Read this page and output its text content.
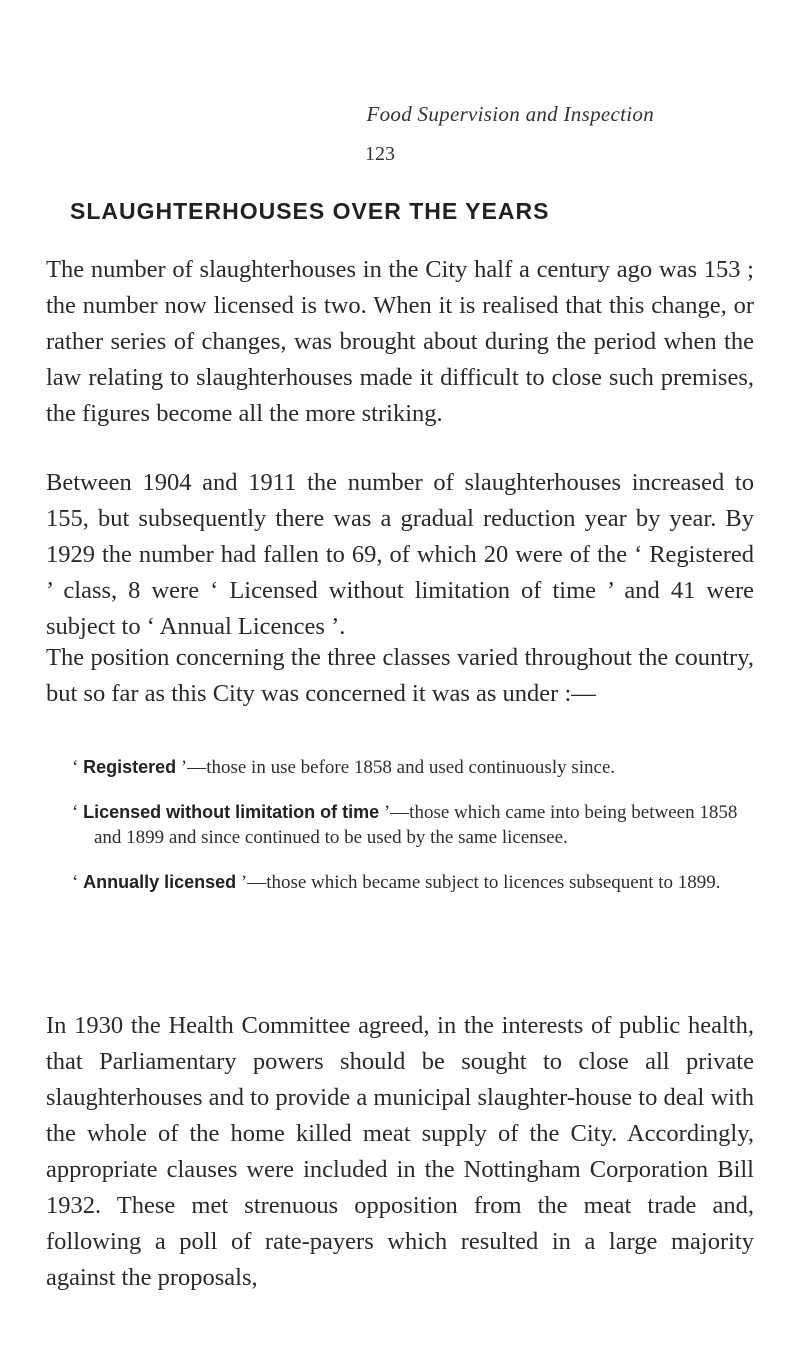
Food Supervision and Inspection
123
SLAUGHTERHOUSES OVER THE YEARS

The number of slaughterhouses in the City half a century ago was 153 ; the number now licensed is two. When it is realised that this change, or rather series of changes, was brought about during the period when the law relating to slaughterhouses made it difficult to close such premises, the figures become all the more striking.

Between 1904 and 1911 the number of slaughterhouses increased to 155, but subsequently there was a gradual reduction year by year. By 1929 the number had fallen to 69, of which 20 were of the ‘ Registered ’ class, 8 were ‘ Licensed without limitation of time ’ and 41 were subject to ‘ Annual Licences ’.

The position concerning the three classes varied throughout the country, but so far as this City was concerned it was as under :—

‘ Registered ’—those in use before 1858 and used continuously since.

‘ Licensed without limitation of time ’—those which came into being between 1858 and 1899 and since continued to be used by the same licensee.

‘ Annually licensed ’—those which became subject to licences subsequent to 1899.

In 1930 the Health Committee agreed, in the interests of public health, that Parliamentary powers should be sought to close all private slaughterhouses and to provide a municipal slaughter-house to deal with the whole of the home killed meat supply of the City. Accordingly, appropriate clauses were included in the Nottingham Corporation Bill 1932. These met strenuous opposition from the meat trade and, following a poll of rate-payers which resulted in a large majority against the proposals,
